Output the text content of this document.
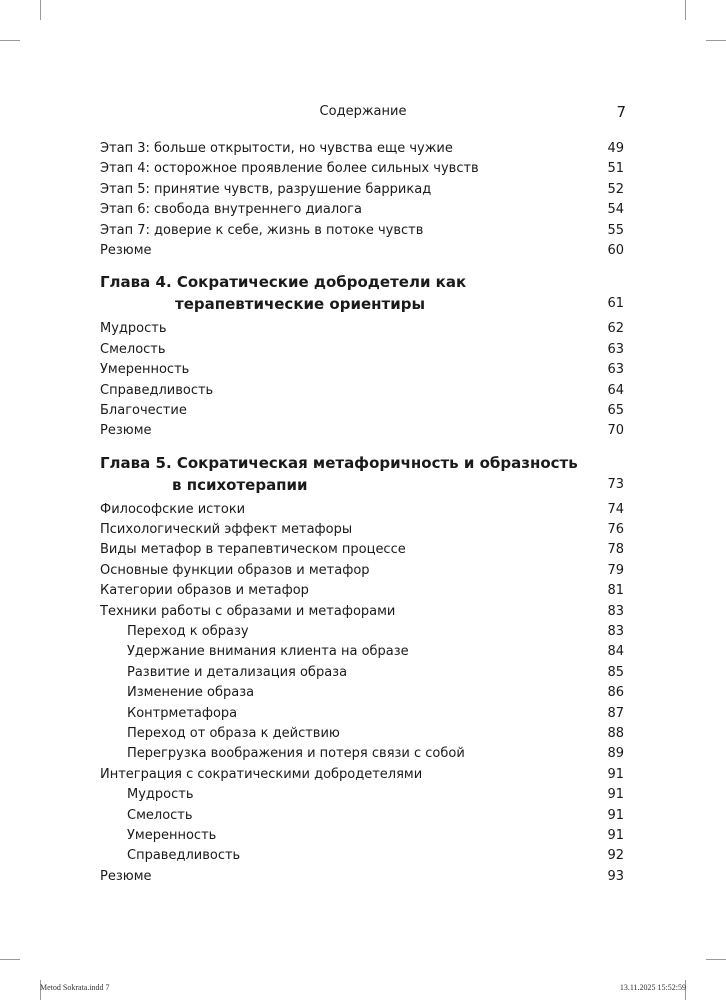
Содержание	7
Этап 3: больше открытости, но чувства еще чужие	49
Этап 4: осторожное проявление более сильных чувств	51
Этап 5: принятие чувств, разрушение баррикад	52
Этап 6: свобода внутреннего диалога	54
Этап 7: доверие к себе, жизнь в потоке чувств	55
Резюме	60
Глава 4. Сократические добродетели как
терапевтические ориентиры	61
Мудрость	62
Смелость	63
Умеренность	63
Справедливость	64
Благочестие	65
Резюме	70
Глава 5. Сократическая метафоричность и образность
в психотерапии	73
Философские истоки	74
Психологический эффект метафоры	76
Виды метафор в терапевтическом процессе	78
Основные функции образов и метафор	79
Категории образов и метафор	81
Техники работы с образами и метафорами	83
Переход к образу	83
Удержание внимания клиента на образе	84
Развитие и детализация образа	85
Изменение образа	86
Контрметафора	87
Переход от образа к действию	88
Перегрузка воображения и потеря связи с собой	89
Интеграция с сократическими добродетелями	91
Мудрость	91
Смелость	91
Умеренность	91
Справедливость	92
Резюме	93
Metod Sokrata.indd 7	13.11.2025 15:52:59
